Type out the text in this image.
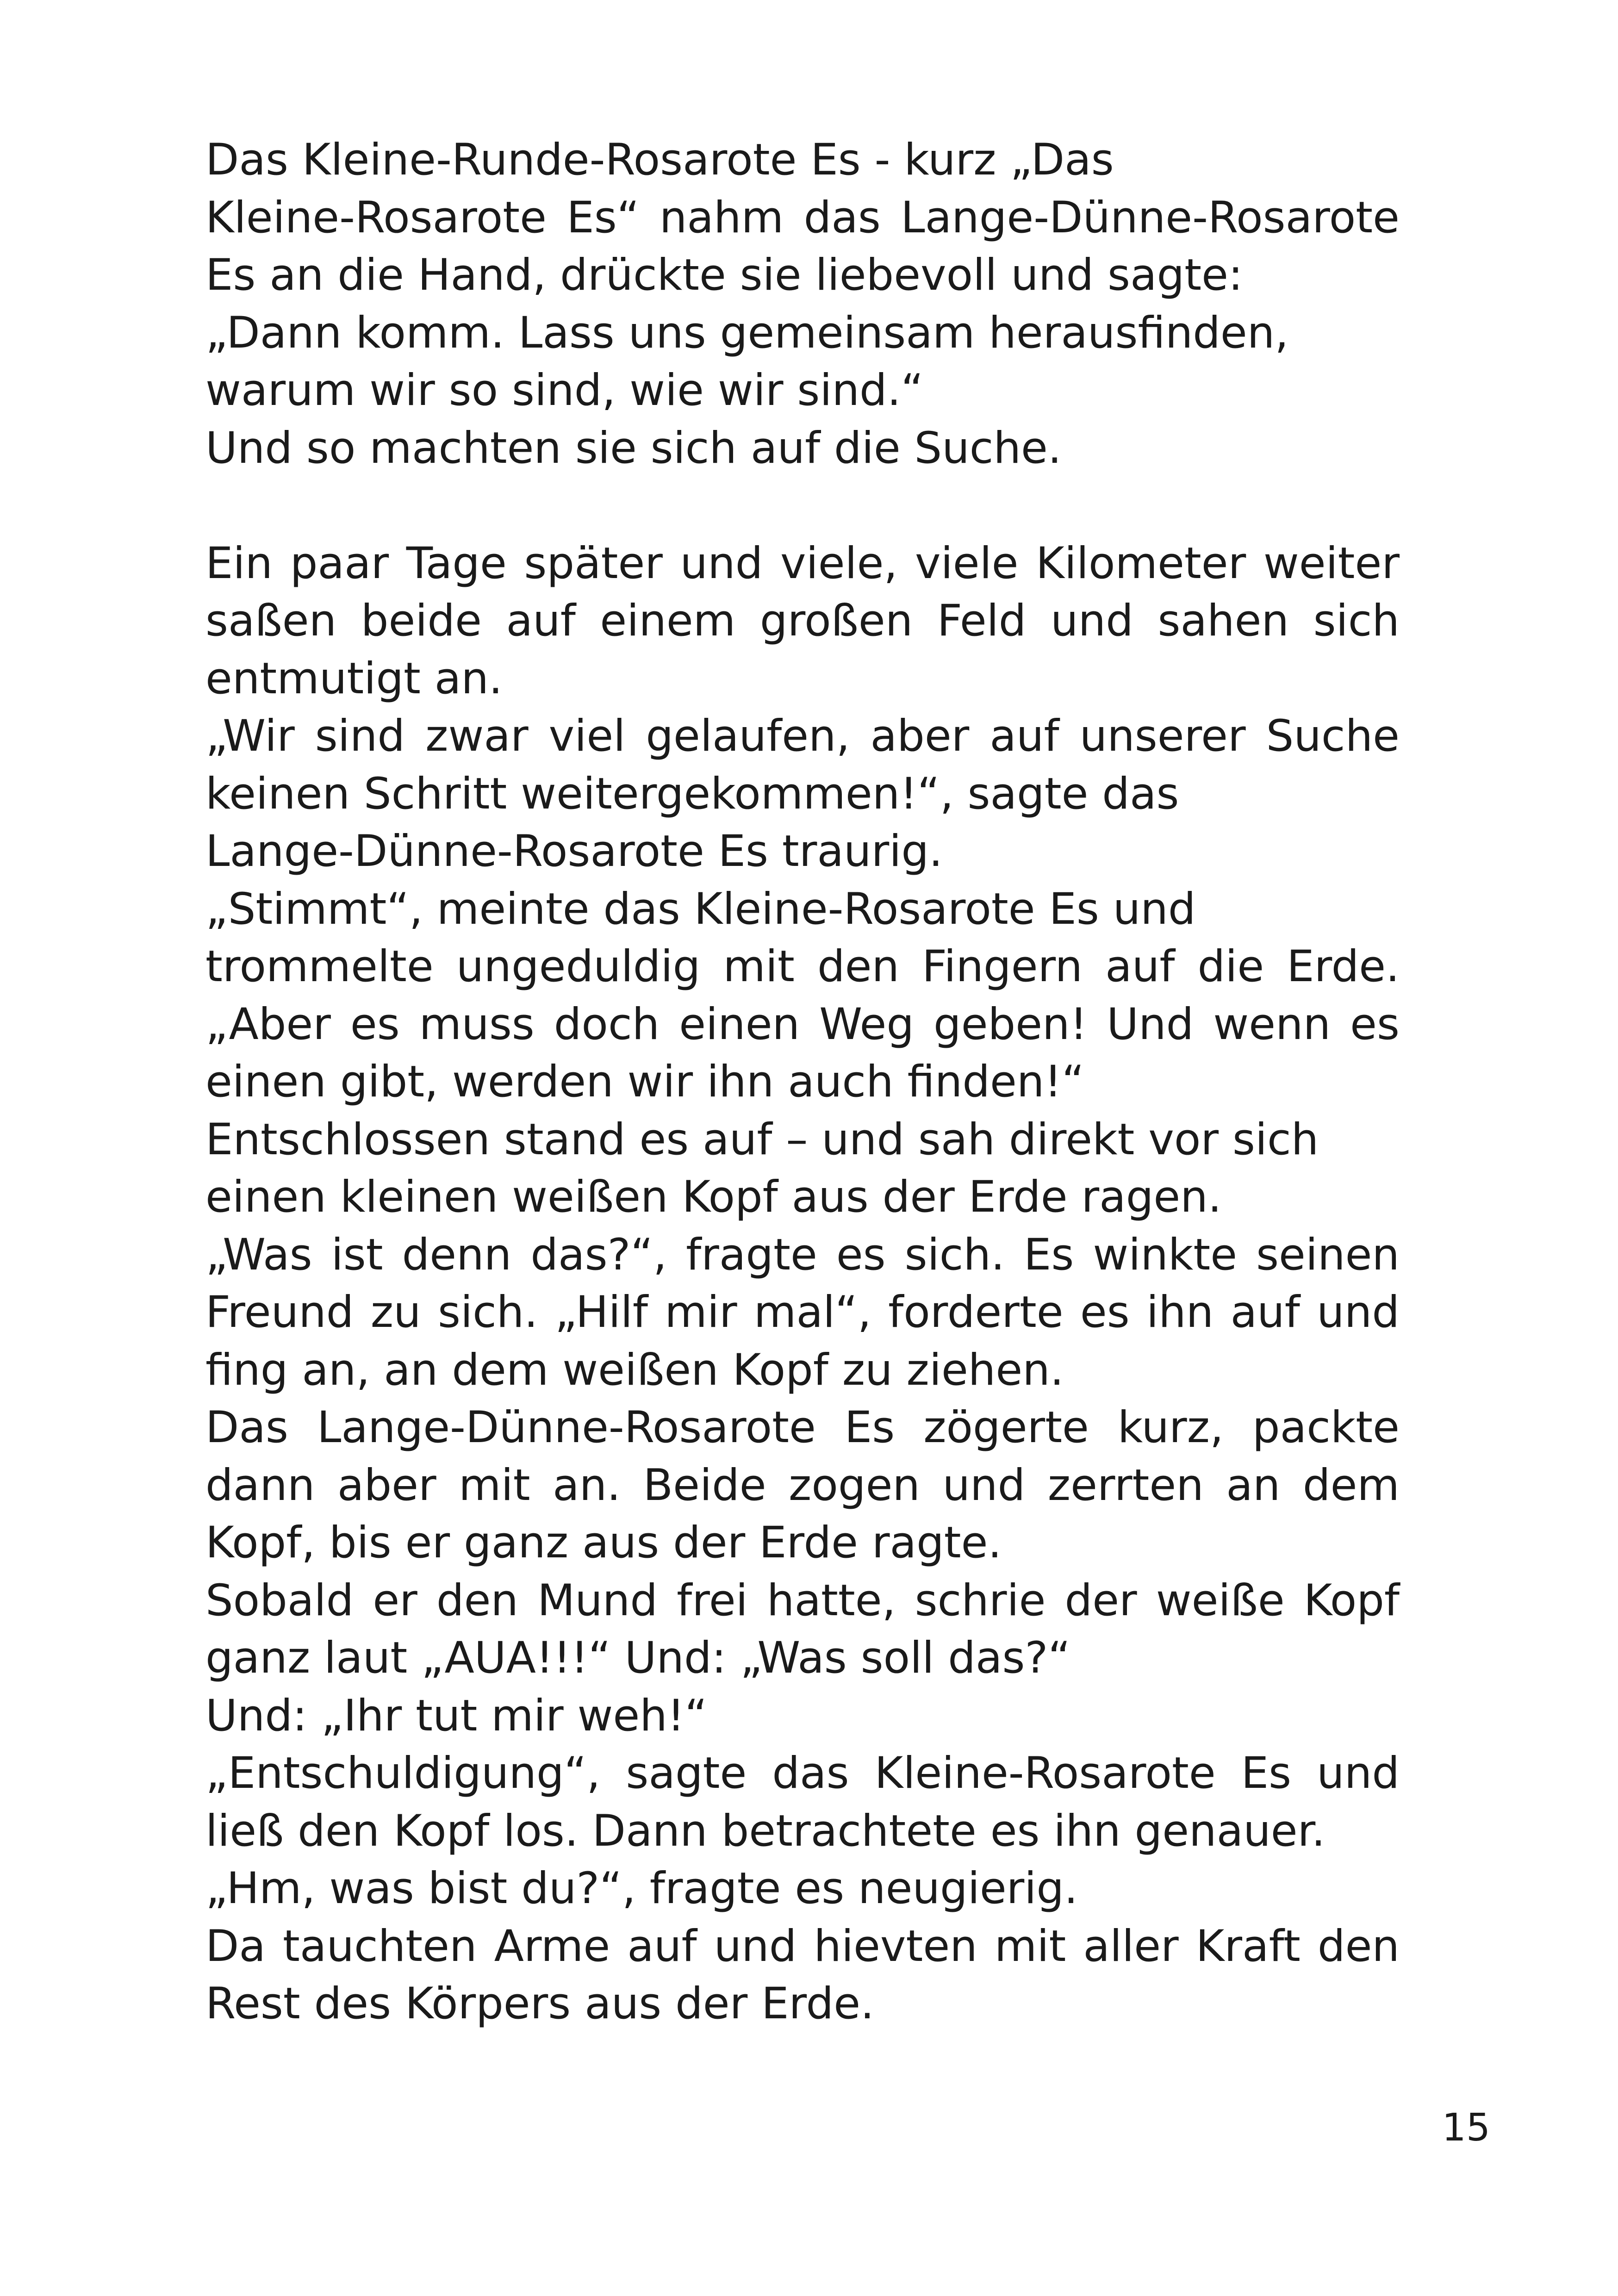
Das Kleine-Runde-Rosarote Es - kurz „Das
Kleine-Rosarote Es“ nahm das Lange-Dünne-Rosarote
Es an die Hand, drückte sie liebevoll und sagte:
„Dann komm. Lass uns gemeinsam herausfinden,
warum wir so sind, wie wir sind.“
Und so machten sie sich auf die Suche.
Ein paar Tage später und viele, viele Kilometer weiter
saßen beide auf einem großen Feld und sahen sich
entmutigt an.
„Wir sind zwar viel gelaufen, aber auf unserer Suche
keinen Schritt weitergekommen!“, sagte das
Lange-Dünne-Rosarote Es traurig.
„Stimmt“, meinte das Kleine-Rosarote Es und
trommelte ungeduldig mit den Fingern auf die Erde.
„Aber es muss doch einen Weg geben! Und wenn es
einen gibt, werden wir ihn auch finden!“
Entschlossen stand es auf – und sah direkt vor sich
einen kleinen weißen Kopf aus der Erde ragen.
„Was ist denn das?“, fragte es sich. Es winkte seinen
Freund zu sich. „Hilf mir mal“, forderte es ihn auf und
fing an, an dem weißen Kopf zu ziehen.
Das Lange-Dünne-Rosarote Es zögerte kurz, packte
dann aber mit an. Beide zogen und zerrten an dem
Kopf, bis er ganz aus der Erde ragte.
Sobald er den Mund frei hatte, schrie der weiße Kopf
ganz laut „AUA!!!“ Und: „Was soll das?“
Und: „Ihr tut mir weh!“
„Entschuldigung“, sagte das Kleine-Rosarote Es und
ließ den Kopf los. Dann betrachtete es ihn genauer.
„Hm, was bist du?“, fragte es neugierig.
Da tauchten Arme auf und hievten mit aller Kraft den
Rest des Körpers aus der Erde.
15
